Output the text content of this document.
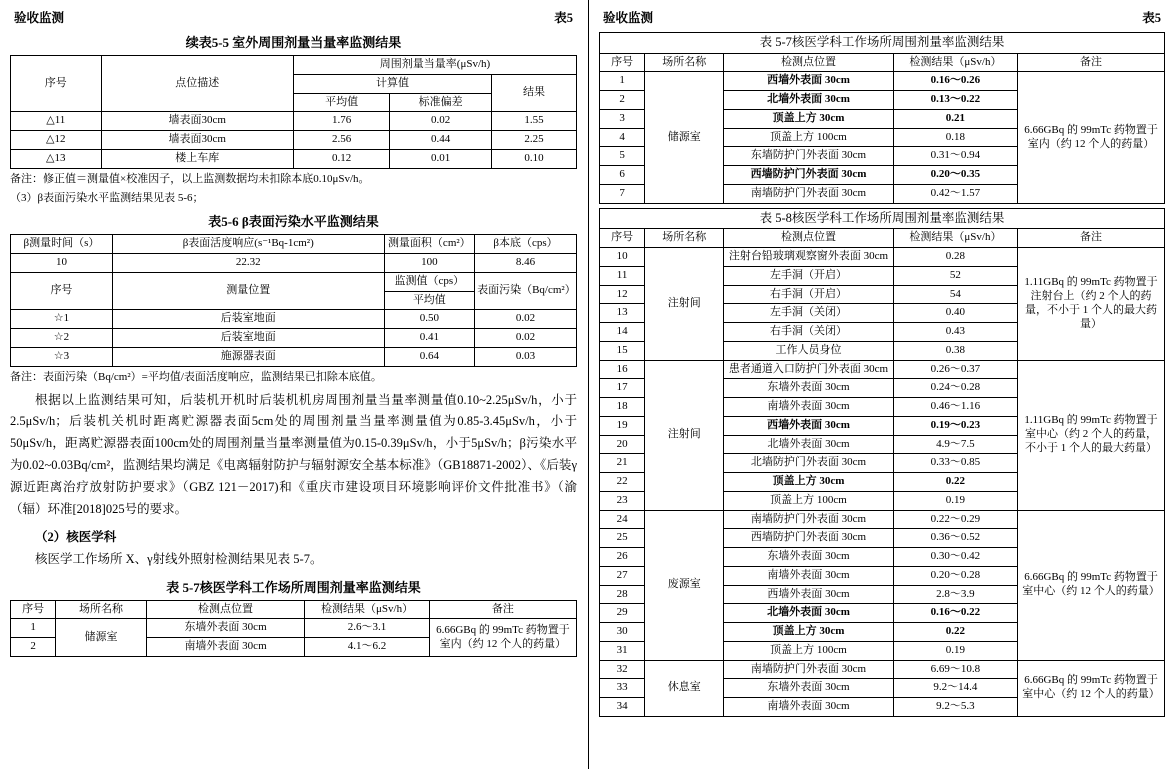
验收监测	表5
续表5-5 室外周围剂量当量率监测结果
序号	点位描述	周围剂量当量率(μSv/h)		
		计算值		结果
		平均值	标准偏差	
△11	墙表面30cm	1.76	0.02	1.55
△12	墙表面30cm	2.56	0.44	2.25
△13	楼上车库	0.12	0.01	0.10
备注：修正值＝测量值×校准因子，以上监测数据均未扣除本底0.10μSv/h。
（3）β表面污染水平监测结果见表 5-6；
表5-6 β表面污染水平监测结果
β测量时间（s）	β表面活度响应(s⁻¹Bq-1cm²)	测量面积（cm²）	β本底（cps）
10	22.32	100	8.46
序号	测量位置	监测值（cps）	表面污染（Bq/cm²）
		平均值	
☆1	后装室地面	0.50	0.02
☆2	后装室地面	0.41	0.02
☆3	施源器表面	0.64	0.03
备注：表面污染（Bq/cm²）=平均值/表面活度响应，监测结果已扣除本底值。
根据以上监测结果可知，后装机开机时后装机机房周围剂量当量率测量值0.10~2.25μSv/h，小于2.5μSv/h；后装机关机时距离贮源器表面5cm处的周围剂量当量率测量值为0.85-3.45μSv/h，小于50μSv/h，距离贮源器表面100cm处的周围剂量当量率测量值为0.15-0.39μSv/h，小于5μSv/h；β污染水平为0.02~0.03Bq/cm²，监测结果均满足《电离辐射防护与辐射源安全基本标准》（GB18871-2002）、《后装γ源近距离治疗放射防护要求》（GBZ 121－2017)和《重庆市建设项目环境影响评价文件批准书》（渝（辐）环准[2018]025号的要求。
（2）核医学科
核医学工作场所 X、γ射线外照射检测结果见表 5-7。
表 5-7核医学科工作场所周围剂量率监测结果
序号	场所名称	检测点位置	检测结果（μSv/h）	备注
1	储源室	东墙外表面 30cm	2.6～3.1	6.66GBq 的 99mTc 药物置于室内（约 12 个人的药量）
2		南墙外表面 30cm	4.1～6.2	
验收监测	表5
表 5-7核医学科工作场所周围剂量率监测结果				
序号	场所名称	检测点位置	检测结果（μSv/h）	备注
1	储源室	西墙外表面 30cm	0.16～0.26	6.66GBq 的 99mTc 药物置于室内（约 12 个人的药量）
2		北墙外表面 30cm	0.13～0.22	
3		顶盖上方 30cm	0.21	
4		顶盖上方 100cm	0.18	
5		东墙防护门外表面 30cm	0.31～0.94	
6		西墙防护门外表面 30cm	0.20～0.35	
7		南墙防护门外表面 30cm	0.42～1.57	
表 5-8核医学科工作场所周围剂量率监测结果				
序号	场所名称	检测点位置	检测结果（μSv/h）	备注
10	注射间	注射台铅玻璃观察窗外表面 30cm	0.28	1.11GBq 的 99mTc 药物置于注射台上（约 2 个人的药量，不小于 1 个人的最大药量）
11		左手洞（开启）	52	
12		右手洞（开启）	54	
13		左手洞（关闭）	0.40	
14		右手洞（关闭）	0.43	
15		工作人员身位	0.38	
16	注射间	患者通道入口防护门外表面 30cm	0.26～0.37	1.11GBq 的 99mTc 药物置于室中心（约 2 个人的药量，不小于 1 个人的最大药量）
17		东墙外表面 30cm	0.24～0.28	
18		南墙外表面 30cm	0.46～1.16	
19		西墙外表面 30cm	0.19～0.23	
20		北墙外表面 30cm	4.9～7.5	
21		北墙防护门外表面 30cm	0.33～0.85	
22		顶盖上方 30cm	0.22	
23		顶盖上方 100cm	0.19	
24	废源室	南墙防护门外表面 30cm	0.22～0.29	6.66GBq 的 99mTc 药物置于室中心（约 12 个人的药量）
25		西墙防护门外表面 30cm	0.36～0.52	
26		东墙外表面 30cm	0.30～0.42	
27		南墙外表面 30cm	0.20～0.28	
28		西墙外表面 30cm	2.8～3.9	
29		北墙外表面 30cm	0.16～0.22	
30		顶盖上方 30cm	0.22	
31		顶盖上方 100cm	0.19	
32	休息室	南墙防护门外表面 30cm	6.69～10.8	6.66GBq 的 99mTc 药物置于室中心（约 12 个人的药量）
33		东墙外表面 30cm	9.2～14.4	
34		南墙外表面 30cm	9.2～5.3	
